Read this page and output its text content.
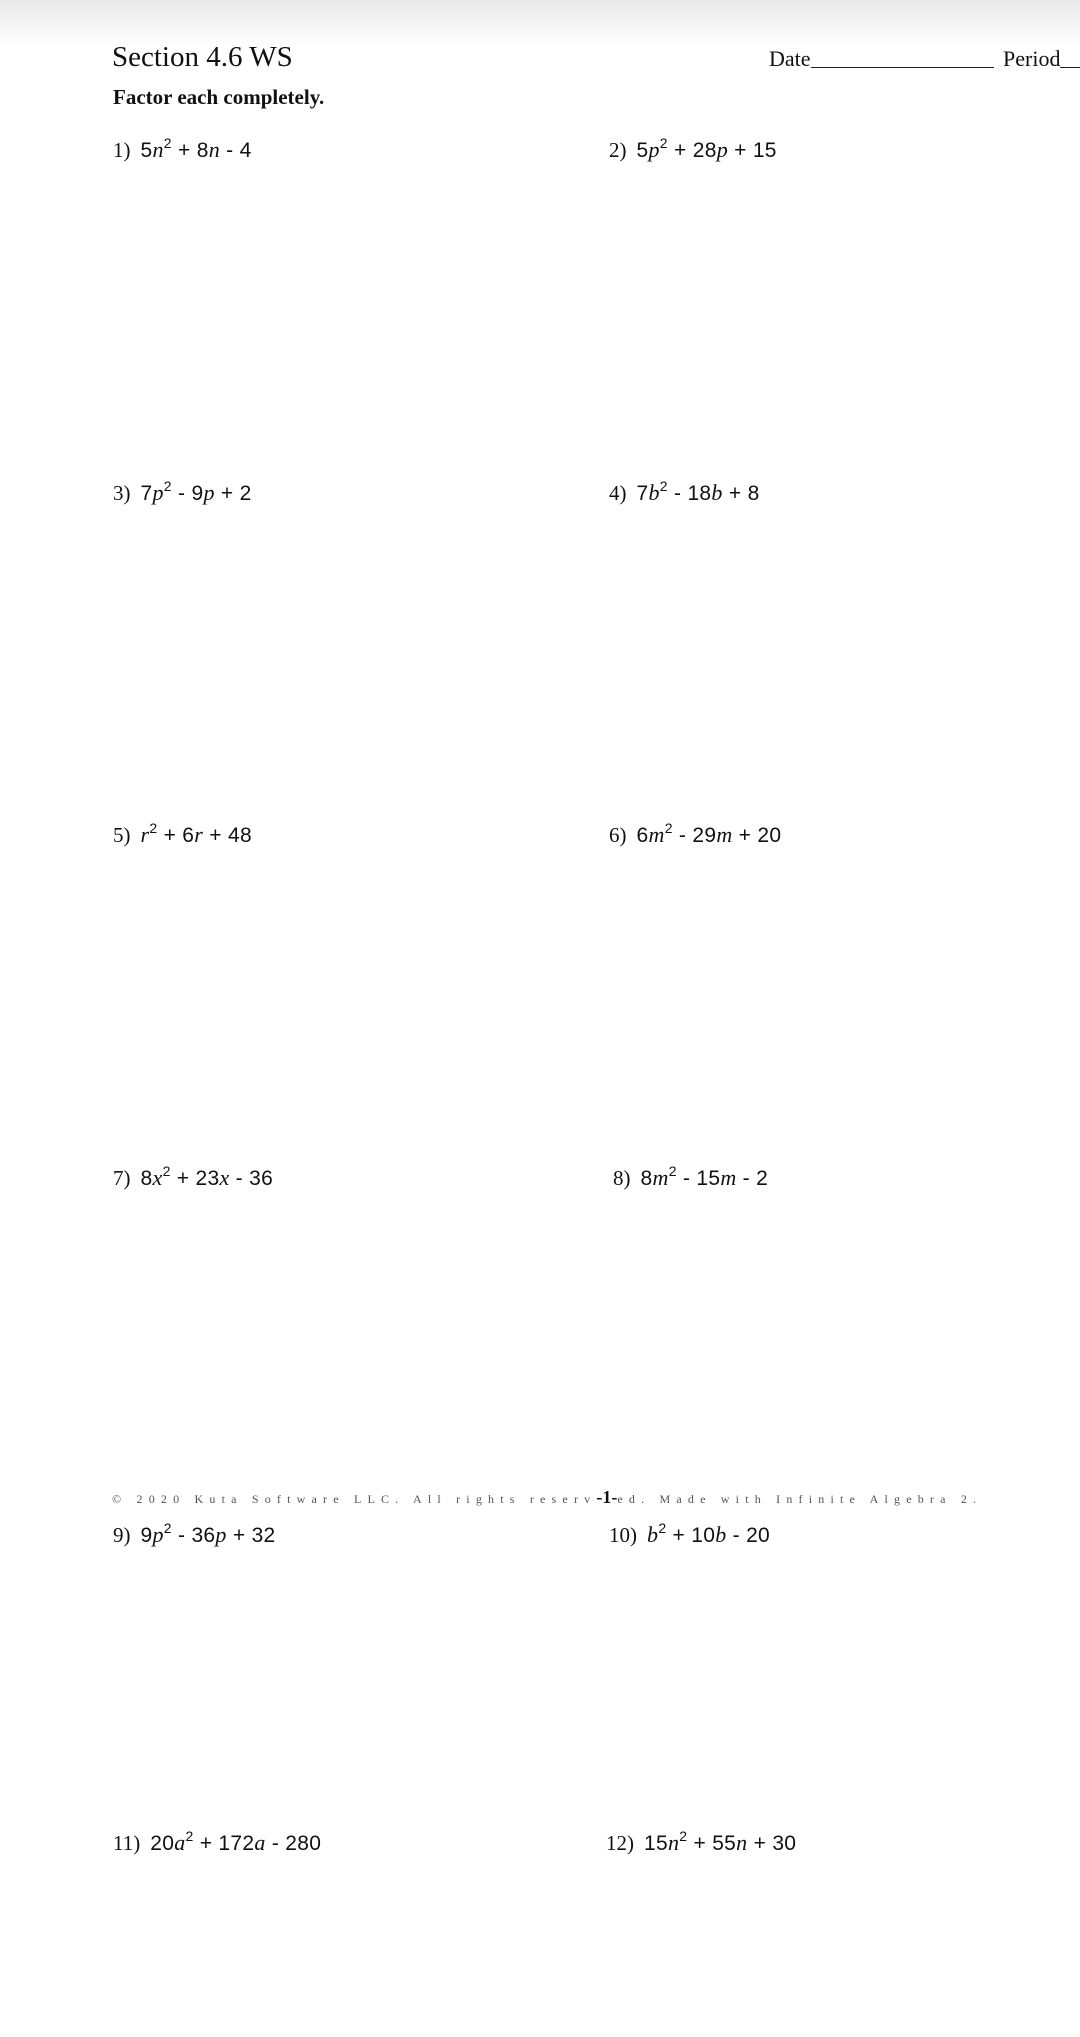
Section 4.6 WS	Date	Period
Factor each completely.
1) $5n^2 + 8n - 4$	2) $5p^2 + 28p + 15$
3) $7p^2 - 9p + 2$	4) $7b^2 - 18b + 8$
5) $r^2 + 6r + 48$	6) $6m^2 - 29m + 20$
7) $8x^2 + 23x - 36$	8) $8m^2 - 15m - 2$
© 2020 Kuta Software LLC. All rights reserv-1-ed. Made with Infinite Algebra 2.
9) $9p^2 - 36p + 32$	10) $b^2 + 10b - 20$
11) $20a^2 + 172a - 280$	12) $15n^2 + 55n + 30$
